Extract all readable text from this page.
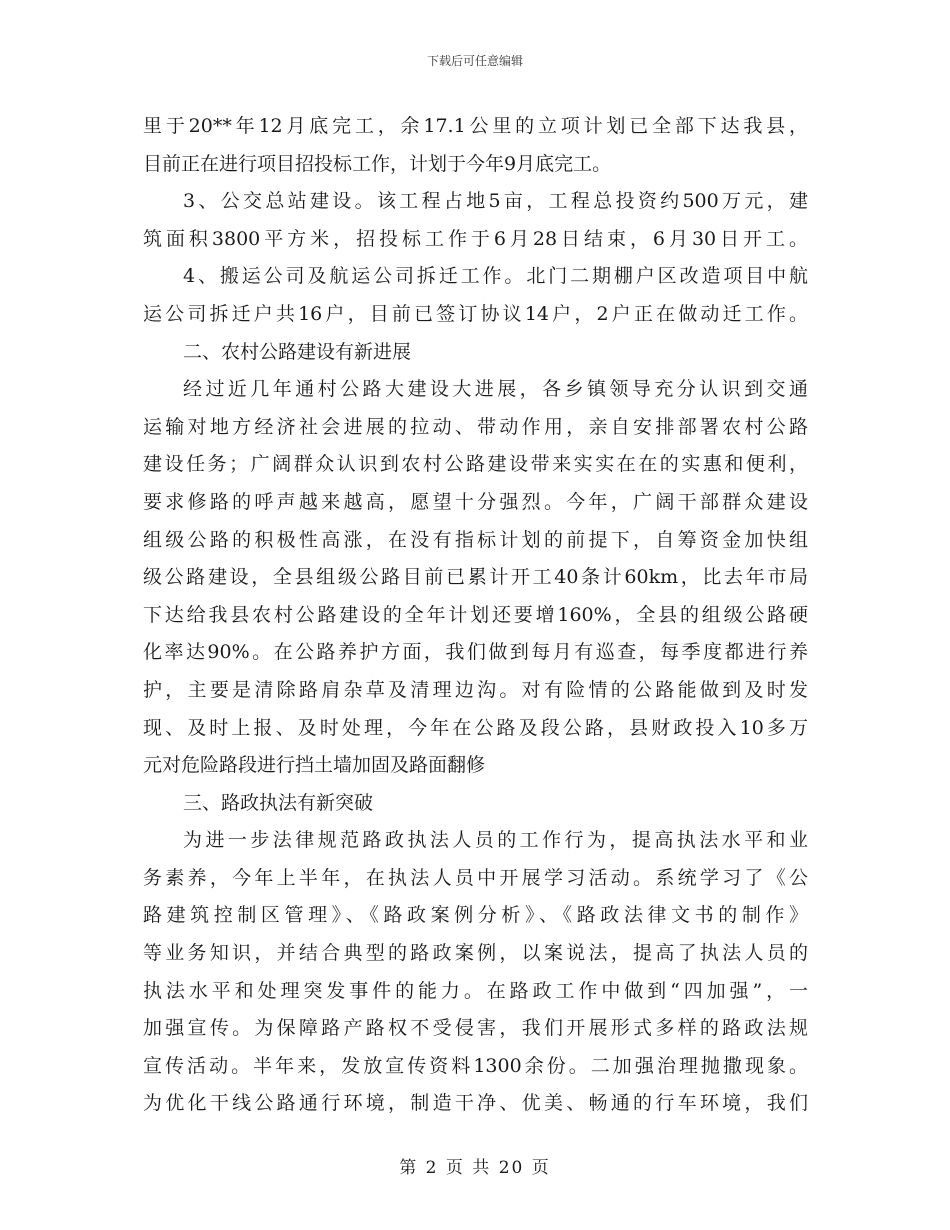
下载后可任意编辑
里于20**年12月底完工，余17.1公里的立项计划已全部下达我县，
目前正在进行项目招投标工作，计划于今年9月底完工。
3、公交总站建设。该工程占地5亩，工程总投资约500万元，建
筑面积3800平方米，招投标工作于6月28日结束，6月30日开工。
4、搬运公司及航运公司拆迁工作。北门二期棚户区改造项目中航
运公司拆迁户共16户，目前已签订协议14户，2户正在做动迁工作。
二、农村公路建设有新进展
经过近几年通村公路大建设大进展，各乡镇领导充分认识到交通
运输对地方经济社会进展的拉动、带动作用，亲自安排部署农村公路
建设任务；广阔群众认识到农村公路建设带来实实在在的实惠和便利，
要求修路的呼声越来越高，愿望十分强烈。今年，广阔干部群众建设
组级公路的积极性高涨，在没有指标计划的前提下，自筹资金加快组
级公路建设，全县组级公路目前已累计开工40条计60km，比去年市局
下达给我县农村公路建设的全年计划还要增160%，全县的组级公路硬
化率达90%。在公路养护方面，我们做到每月有巡查，每季度都进行养
护，主要是清除路肩杂草及清理边沟。对有险情的公路能做到及时发
现、及时上报、及时处理，今年在公路及段公路，县财政投入10多万
元对危险路段进行挡土墙加固及路面翻修
三、路政执法有新突破
为进一步法律规范路政执法人员的工作行为，提高执法水平和业
务素养，今年上半年，在执法人员中开展学习活动。系统学习了《公
路建筑控制区管理》、《路政案例分析》、《路政法律文书的制作》
等业务知识，并结合典型的路政案例，以案说法，提高了执法人员的
执法水平和处理突发事件的能力。在路政工作中做到“四加强”，一
加强宣传。为保障路产路权不受侵害，我们开展形式多样的路政法规
宣传活动。半年来，发放宣传资料1300余份。二加强治理抛撒现象。
为优化干线公路通行环境，制造干净、优美、畅通的行车环境，我们
第 2 页 共 20 页
